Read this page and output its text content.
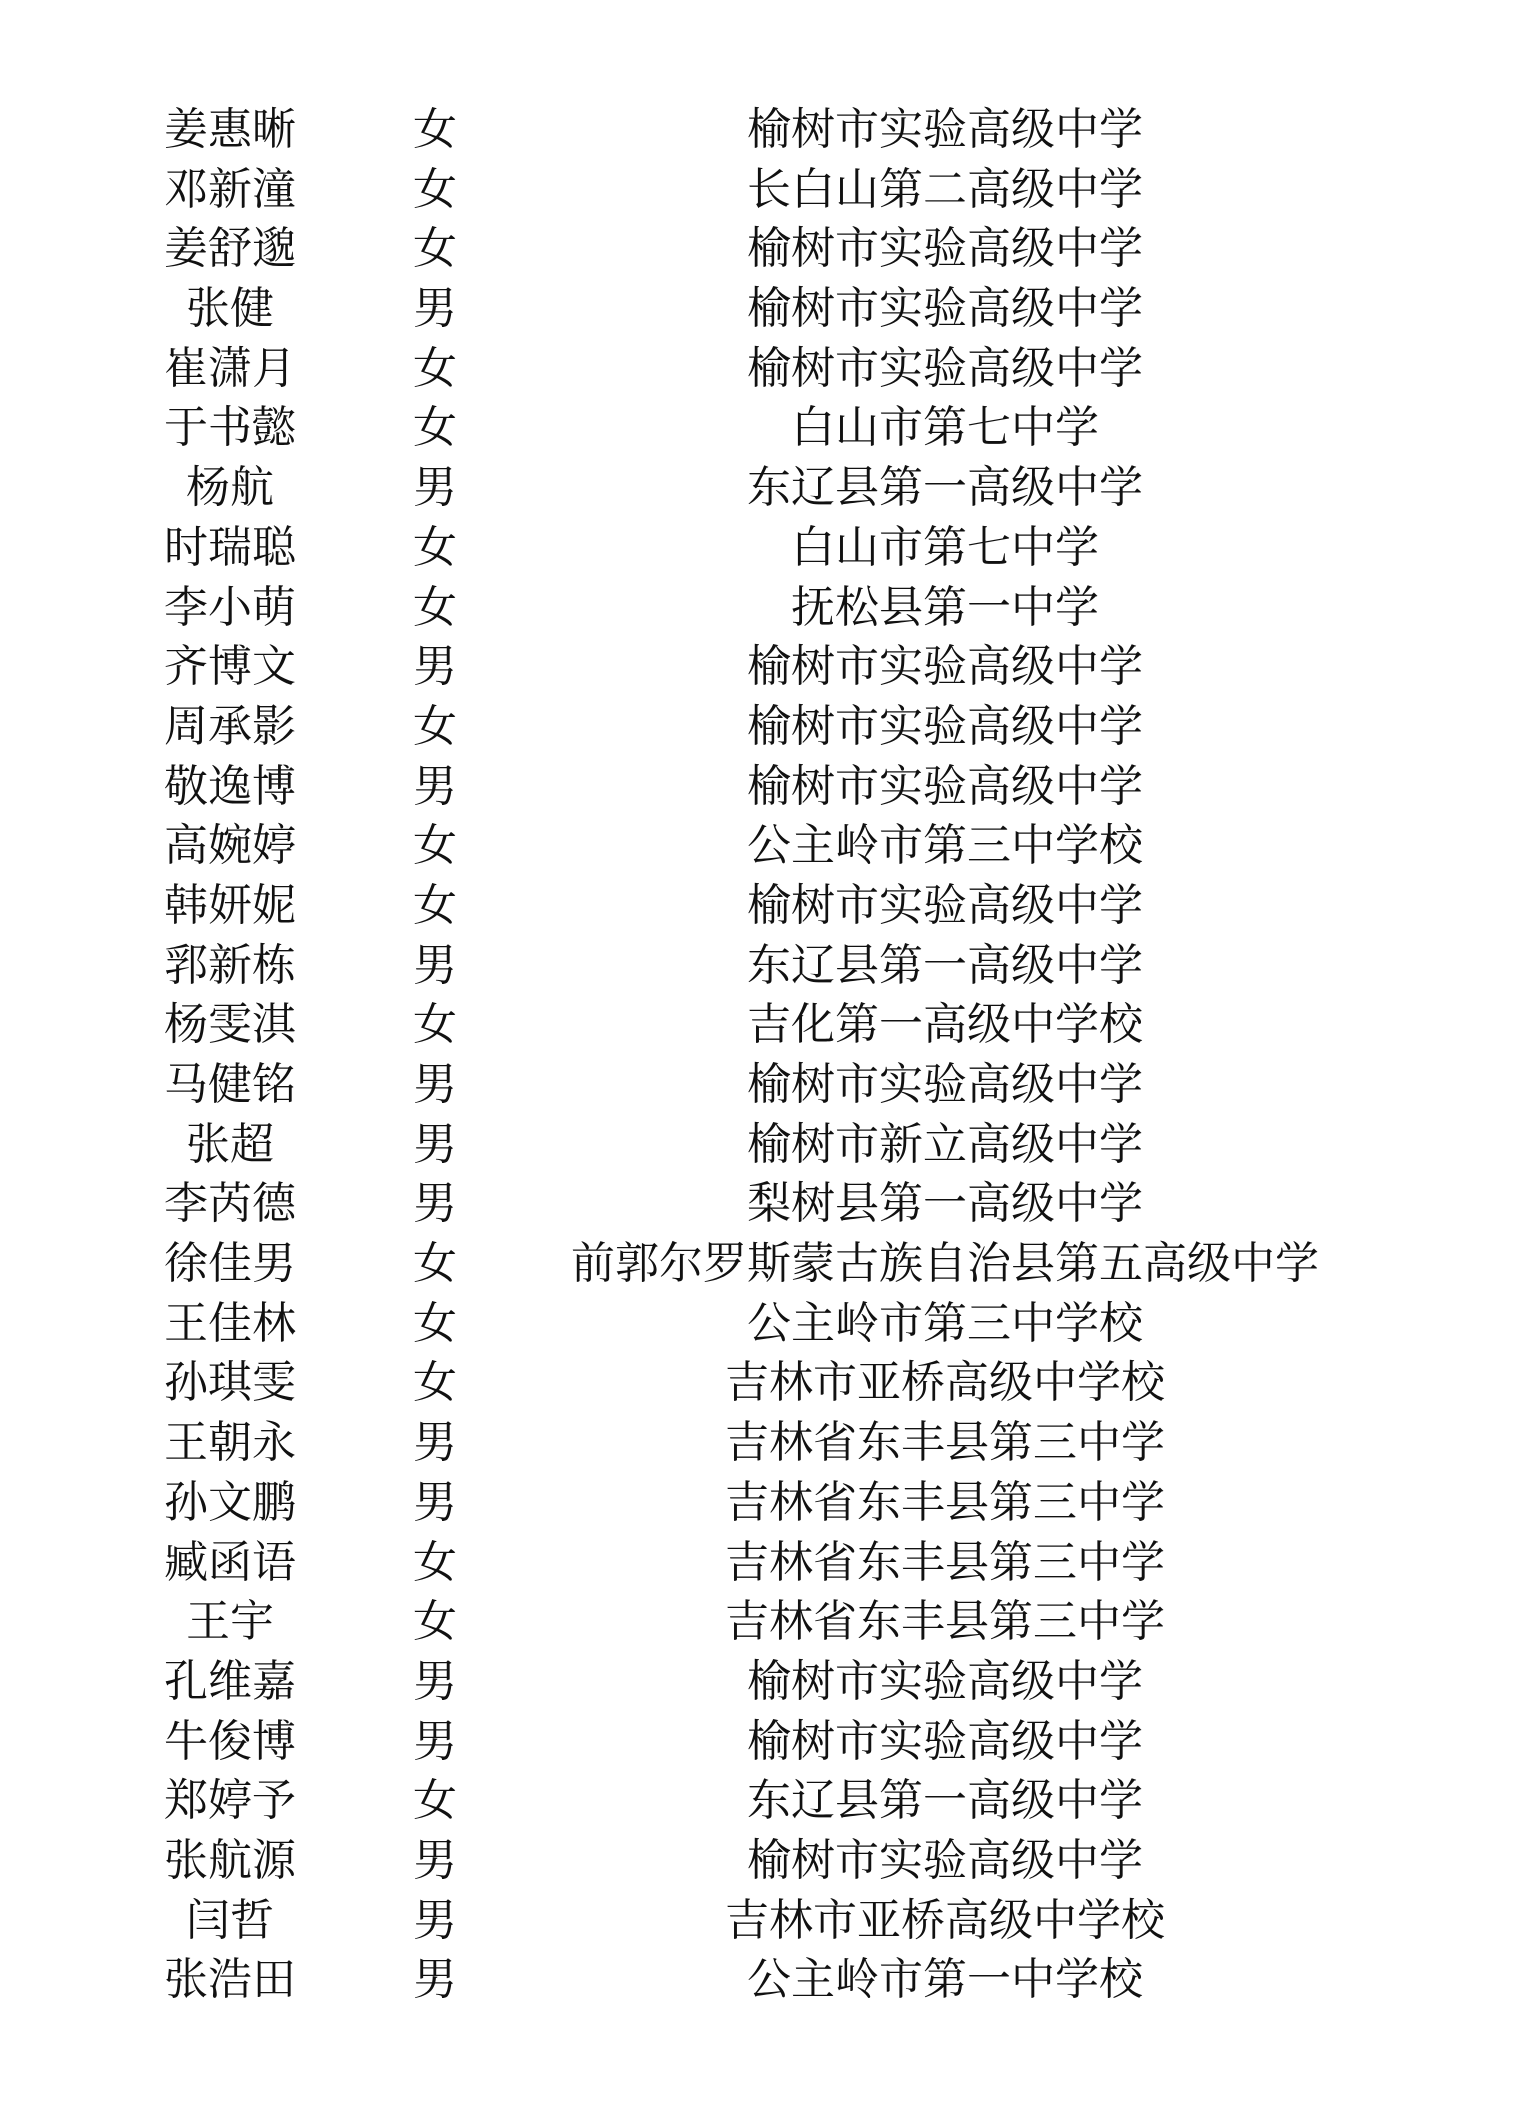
姜惠晰	女	榆树市实验高级中学
邓新潼	女	长白山第二高级中学
姜舒邈	女	榆树市实验高级中学
张健	男	榆树市实验高级中学
崔潇月	女	榆树市实验高级中学
于书懿	女	白山市第七中学
杨航	男	东辽县第一高级中学
时瑞聪	女	白山市第七中学
李小萌	女	抚松县第一中学
齐博文	男	榆树市实验高级中学
周承影	女	榆树市实验高级中学
敬逸博	男	榆树市实验高级中学
高婉婷	女	公主岭市第三中学校
韩妍妮	女	榆树市实验高级中学
郛新栋	男	东辽县第一高级中学
杨雯淇	女	吉化第一高级中学校
马健铭	男	榆树市实验高级中学
张超	男	榆树市新立高级中学
李芮德	男	梨树县第一高级中学
徐佳男	女	前郭尔罗斯蒙古族自治县第五高级中学
王佳林	女	公主岭市第三中学校
孙琪雯	女	吉林市亚桥高级中学校
王朝永	男	吉林省东丰县第三中学
孙文鹏	男	吉林省东丰县第三中学
臧函语	女	吉林省东丰县第三中学
王宇	女	吉林省东丰县第三中学
孔维嘉	男	榆树市实验高级中学
牛俊博	男	榆树市实验高级中学
郑婷予	女	东辽县第一高级中学
张航源	男	榆树市实验高级中学
闫哲	男	吉林市亚桥高级中学校
张浩田	男	公主岭市第一中学校
